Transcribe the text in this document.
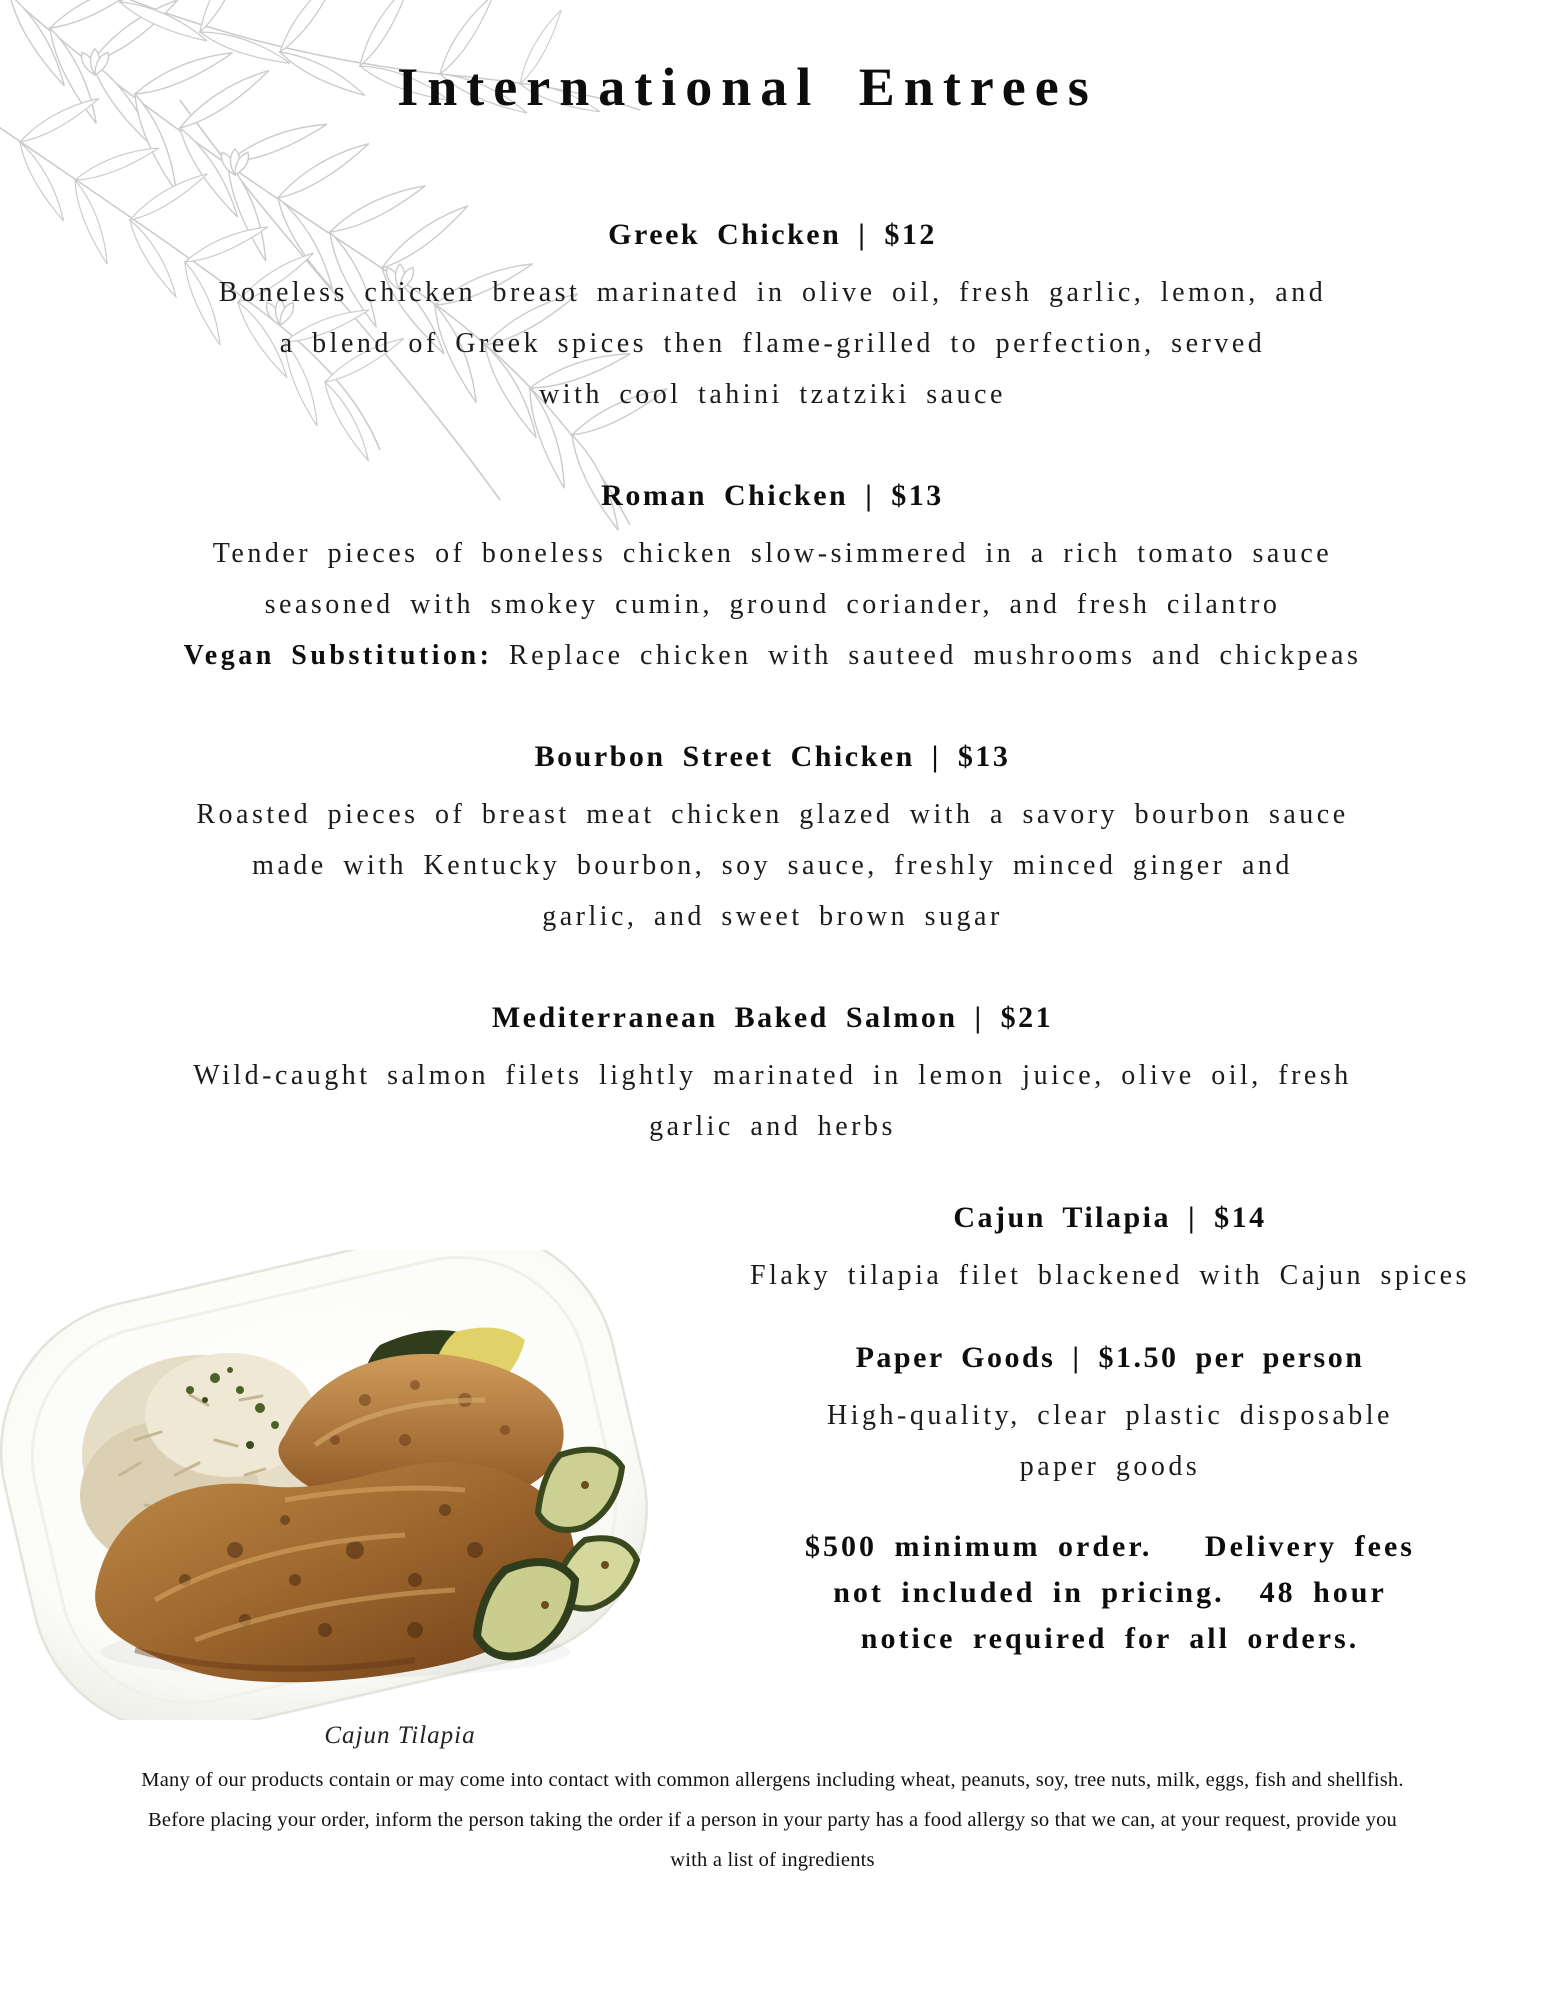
International Entrees
Greek Chicken | $12
Boneless chicken breast marinated in olive oil, fresh garlic, lemon, and
a blend of Greek spices then flame-grilled to perfection, served
with cool tahini tzatziki sauce
Roman Chicken | $13
Tender pieces of boneless chicken slow-simmered in a rich tomato sauce
seasoned with smokey cumin, ground coriander, and fresh cilantro
Vegan Substitution: Replace chicken with sauteed mushrooms and chickpeas
Bourbon Street Chicken | $13
Roasted pieces of breast meat chicken glazed with a savory bourbon sauce
made with Kentucky bourbon, soy sauce, freshly minced ginger and
garlic, and sweet brown sugar
Mediterranean Baked Salmon | $21
Wild-caught salmon filets lightly marinated in lemon juice, olive oil, fresh
garlic and herbs
Cajun Tilapia | $14
Flaky tilapia filet blackened with Cajun spices
Paper Goods | $1.50 per person
High-quality, clear plastic disposable
paper goods
$500 minimum order.   Delivery fees
not included in pricing.  48 hour
notice required for all orders.
Cajun Tilapia
Many of our products contain or may come into contact with common allergens including wheat, peanuts, soy, tree nuts, milk, eggs, fish and shellfish.
Before placing your order, inform the person taking the order if a person in your party has a food allergy so that we can, at your request, provide you
with a list of ingredients
